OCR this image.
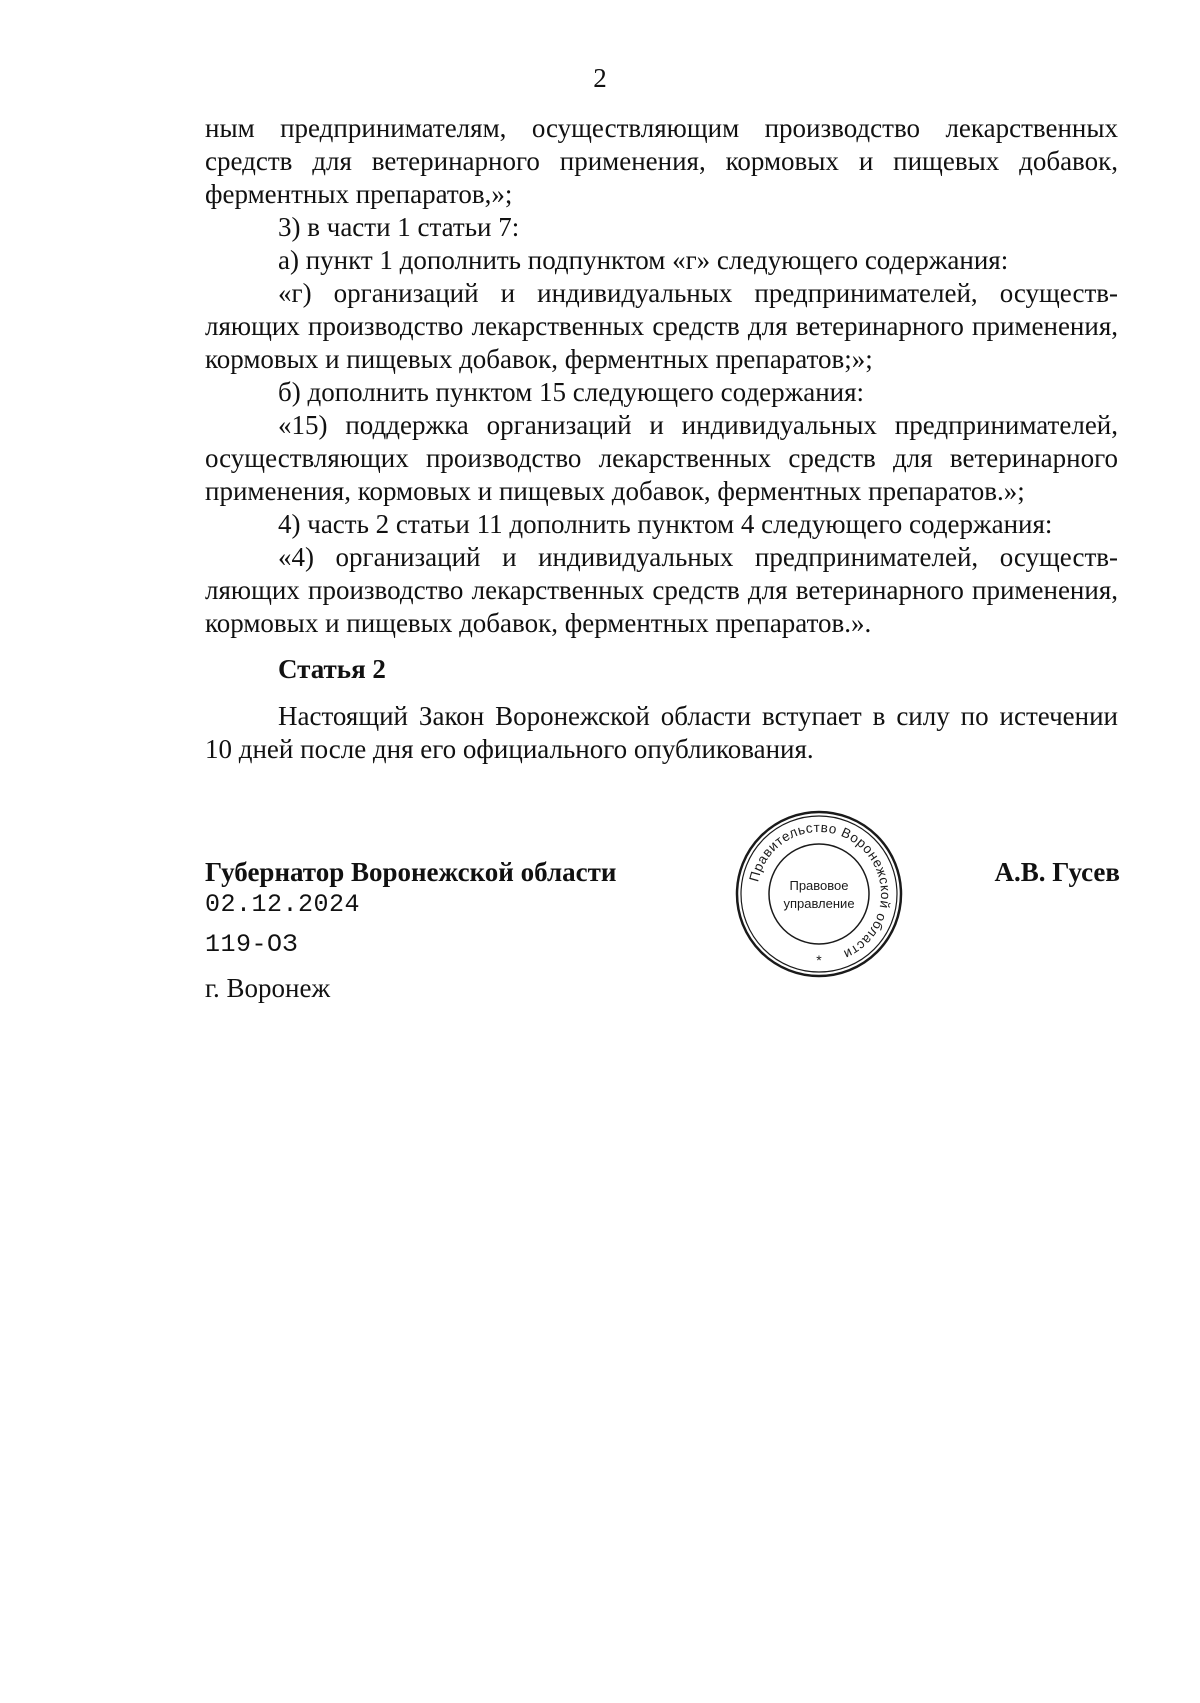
2

ным предпринимателям, осуществляющим производство лекарственных средств для ветеринарного применения, кормовых и пищевых добавок, ферментных препаратов,»;

3) в части 1 статьи 7:

а) пункт 1 дополнить подпунктом «г» следующего содержания:

«г) организаций и индивидуальных предпринимателей, осуществляющих производство лекарственных средств для ветеринарного применения, кормовых и пищевых добавок, ферментных препаратов;»;

б) дополнить пунктом 15 следующего содержания:

«15) поддержка организаций и индивидуальных предпринимателей, осуществляющих производство лекарственных средств для ветеринарного применения, кормовых и пищевых добавок, ферментных препаратов.»;

4) часть 2 статьи 11 дополнить пунктом 4 следующего содержания:

«4) организаций и индивидуальных предпринимателей, осуществляющих производство лекарственных средств для ветеринарного применения, кормовых и пищевых добавок, ферментных препаратов.».

Статья 2

Настоящий Закон Воронежской области вступает в силу по истечении 10 дней после дня его официального опубликования.

Губернатор Воронежской области
02.12.2024
119-ОЗ
г. Воронеж
А.В. Гусев
Правительство Воронежской области
Правовое
управление
*
